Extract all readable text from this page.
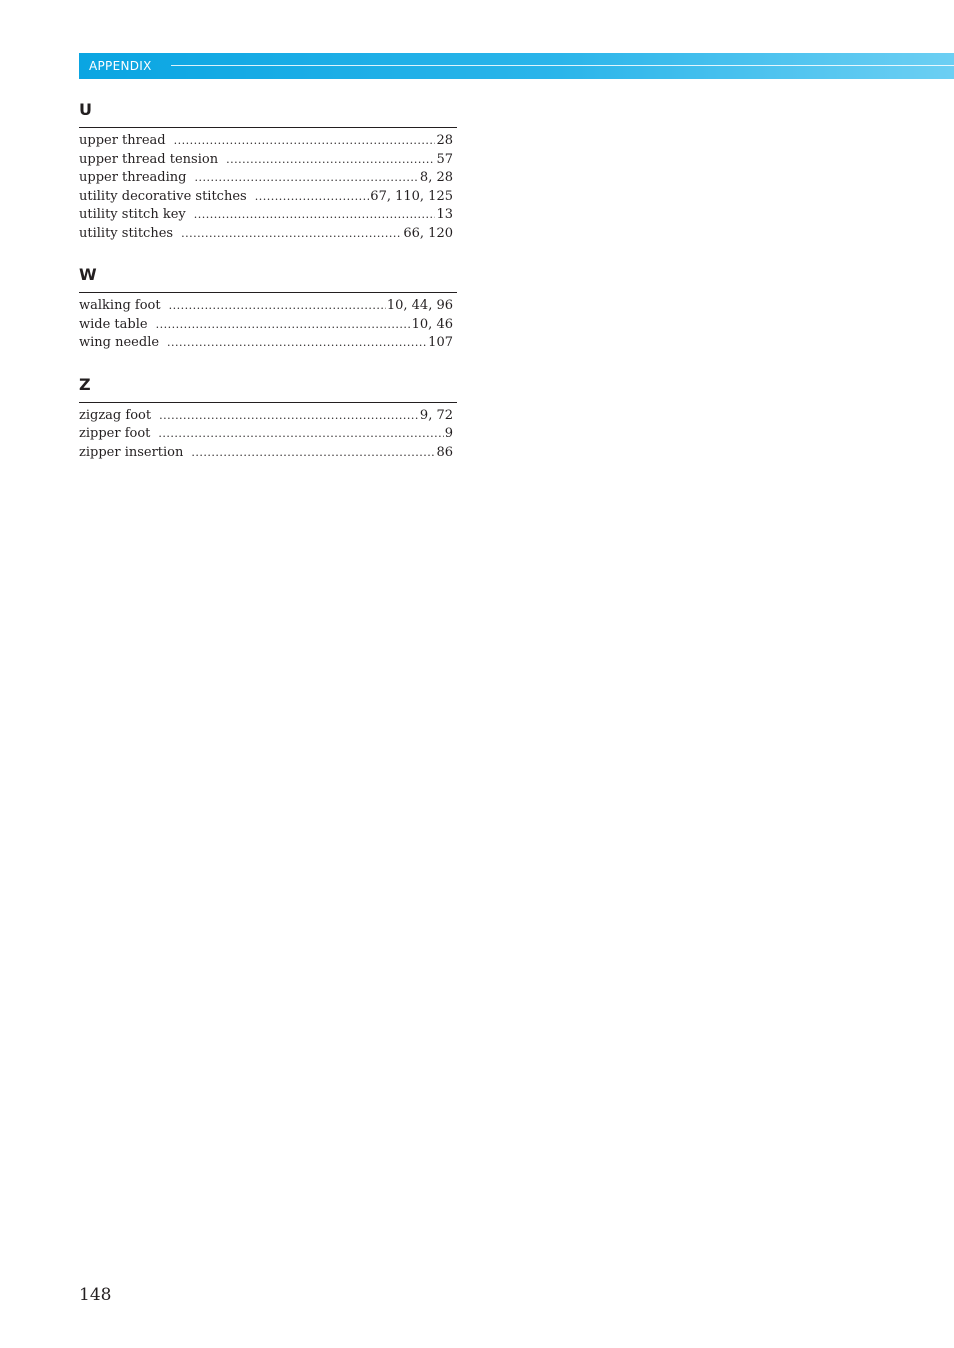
APPENDIX
U
upper thread .....	28
upper thread tension .....	57
upper threading .....	8, 28
utility decorative stitches .....	67, 110, 125
utility stitch key .....	13
utility stitches .....	66, 120
W
walking foot .....	10, 44, 96
wide table .....	10, 46
wing needle .....	107
Z
zigzag foot .....	9, 72
zipper foot .....	9
zipper insertion .....	86
148
